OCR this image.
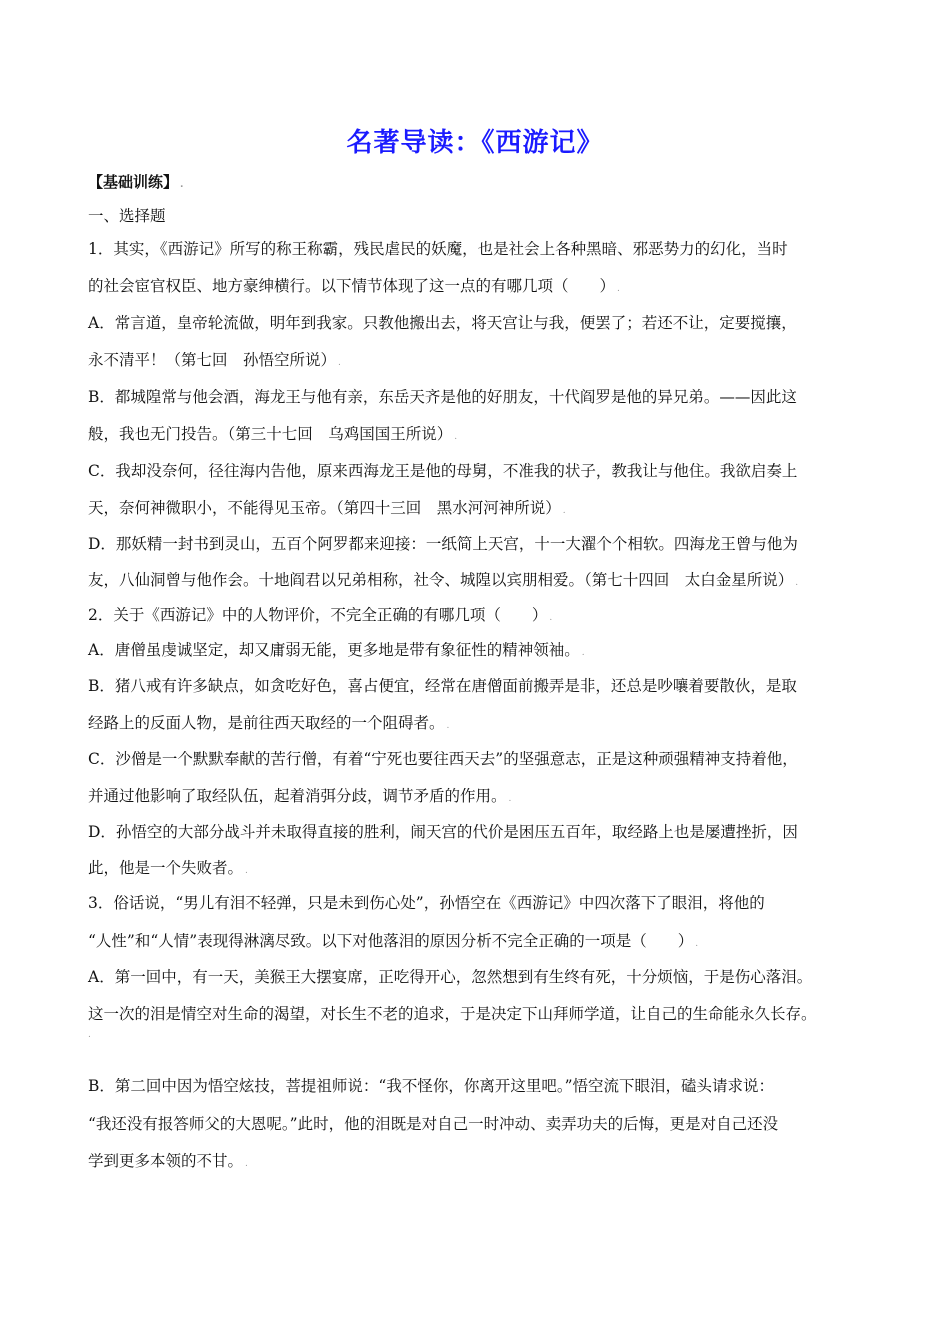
名著导读：《西游记》
【基础训练】 .
一、选择题
1．其实，《西游记》所写的称王称霸，残民虐民的妖魔，也是社会上各种黑暗、邪恶势力的幻化，当时
的社会宦官权臣、地方豪绅横行。以下情节体现了这一点的有哪几项（　　） .
A．常言道，皇帝轮流做，明年到我家。只教他搬出去，将天宫让与我，便罢了；若还不让，定要搅攘，
永不清平！（第七回　孙悟空所说） .
B．都城隍常与他会酒，海龙王与他有亲，东岳天齐是他的好朋友，十代阎罗是他的异兄弟。——因此这
般，我也无门投告。（第三十七回　乌鸡国国王所说） .
C．我却没奈何，径往海内告他，原来西海龙王是他的母舅，不准我的状子，教我让与他住。我欲启奏上
天，奈何神微职小，不能得见玉帝。（第四十三回　黑水河河神所说） .
D．那妖精一封书到灵山，五百个阿罗都来迎接：一纸简上天宫，十一大濯个个相软。四海龙王曾与他为
友，八仙洞曾与他作会。十地阎君以兄弟相称，社令、城隍以宾朋相爱。（第七十四回　太白金星所说） .
2．关于《西游记》中的人物评价，不完全正确的有哪几项（　　） .
A．唐僧虽虔诚坚定，却又庸弱无能，更多地是带有象征性的精神领袖。 .
B．猪八戒有许多缺点，如贪吃好色，喜占便宜，经常在唐僧面前搬弄是非，还总是吵嚷着要散伙，是取
经路上的反面人物，是前往西天取经的一个阻碍者。 .
C．沙僧是一个默默奉献的苦行僧，有着“宁死也要往西天去”的坚强意志，正是这种顽强精神支持着他，
并通过他影响了取经队伍，起着消弭分歧，调节矛盾的作用。 .
D．孙悟空的大部分战斗并未取得直接的胜利，闹天宫的代价是困压五百年，取经路上也是屡遭挫折，因
此，他是一个失败者。 .
3．俗话说，“男儿有泪不轻弹，只是未到伤心处”，孙悟空在《西游记》中四次落下了眼泪，将他的
“人性”和“人情”表现得淋漓尽致。以下对他落泪的原因分析不完全正确的一项是（　　） .
A．第一回中，有一天，美猴王大摆宴席，正吃得开心，忽然想到有生终有死，十分烦恼，于是伤心落泪。
这一次的泪是情空对生命的渴望，对长生不老的追求，于是决定下山拜师学道，让自己的生命能永久长存。
.
B．第二回中因为悟空炫技，菩提祖师说：“我不怪你，你离开这里吧。”悟空流下眼泪，磕头请求说：
“我还没有报答师父的大恩呢。”此时，他的泪既是对自己一时冲动、卖弄功夫的后悔，更是对自己还没
学到更多本领的不甘。 .
